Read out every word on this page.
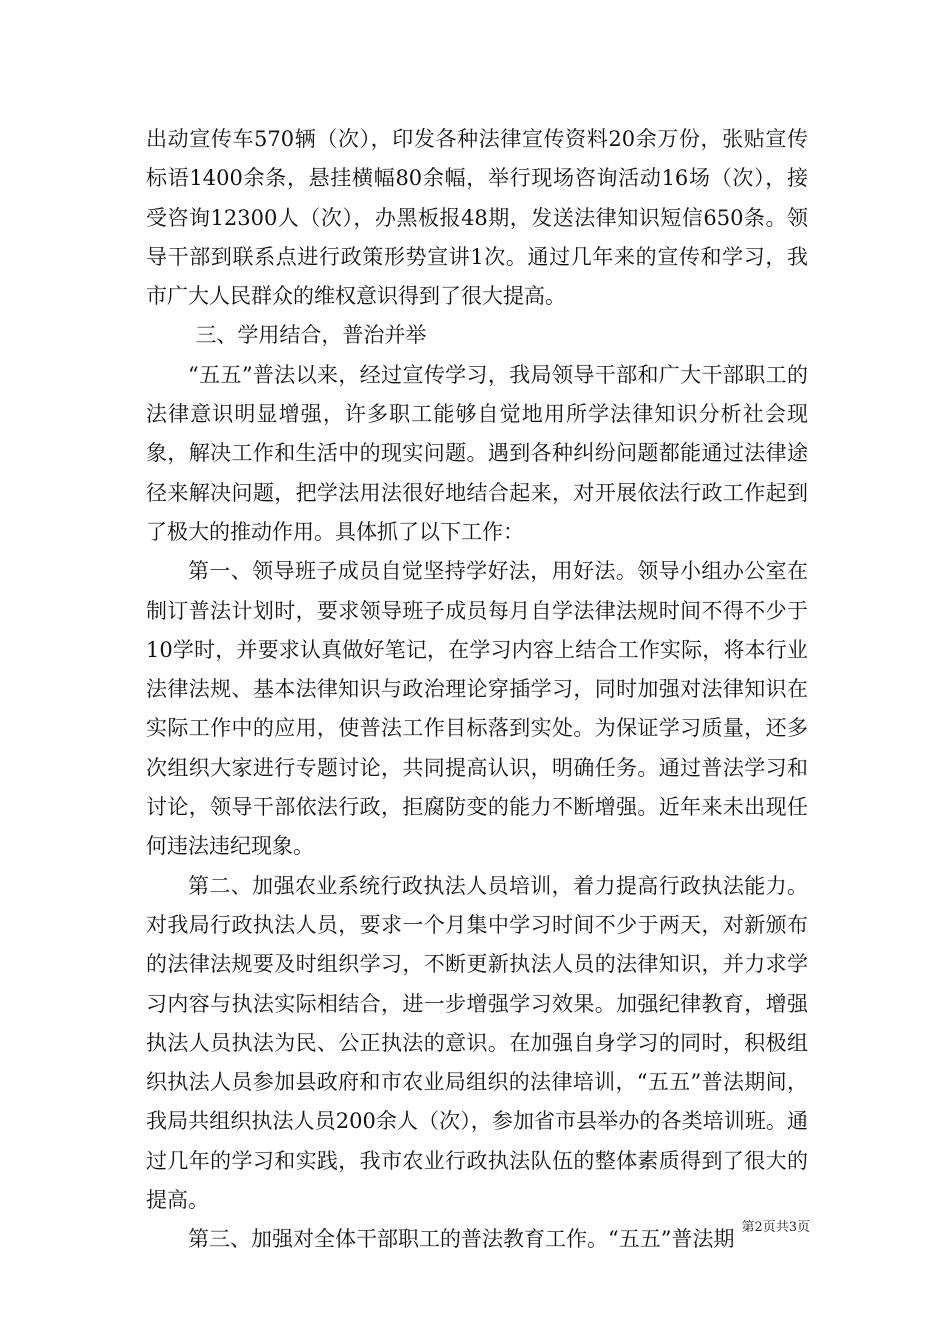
出动宣传车570辆（次），印发各种法律宣传资料20余万份，张贴宣传标语1400余条，悬挂横幅80余幅，举行现场咨询活动16场（次），接受咨询12300人（次），办黑板报48期，发送法律知识短信650条。领导干部到联系点进行政策形势宣讲1次。通过几年来的宣传和学习，我市广大人民群众的维权意识得到了很大提高。

三、学用结合，普治并举

“五五”普法以来，经过宣传学习，我局领导干部和广大干部职工的法律意识明显增强，许多职工能够自觉地用所学法律知识分析社会现象，解决工作和生活中的现实问题。遇到各种纠纷问题都能通过法律途径来解决问题，把学法用法很好地结合起来，对开展依法行政工作起到了极大的推动作用。具体抓了以下工作：

第一、领导班子成员自觉坚持学好法，用好法。领导小组办公室在制订普法计划时，要求领导班子成员每月自学法律法规时间不得不少于10学时，并要求认真做好笔记，在学习内容上结合工作实际，将本行业法律法规、基本法律知识与政治理论穿插学习，同时加强对法律知识在实际工作中的应用，使普法工作目标落到实处。为保证学习质量，还多次组织大家进行专题讨论，共同提高认识，明确任务。通过普法学习和讨论，领导干部依法行政，拒腐防变的能力不断增强。近年来未出现任何违法违纪现象。

第二、加强农业系统行政执法人员培训，着力提高行政执法能力。对我局行政执法人员，要求一个月集中学习时间不少于两天，对新颁布的法律法规要及时组织学习，不断更新执法人员的法律知识，并力求学习内容与执法实际相结合，进一步增强学习效果。加强纪律教育，增强执法人员执法为民、公正执法的意识。在加强自身学习的同时，积极组织执法人员参加县政府和市农业局组织的法律培训，“五五”普法期间，我局共组织执法人员200余人（次），参加省市县举办的各类培训班。通过几年的学习和实践，我市农业行政执法队伍的整体素质得到了很大的提高。

第三、加强对全体干部职工的普法教育工作。“五五”普法期 第2页共3页
